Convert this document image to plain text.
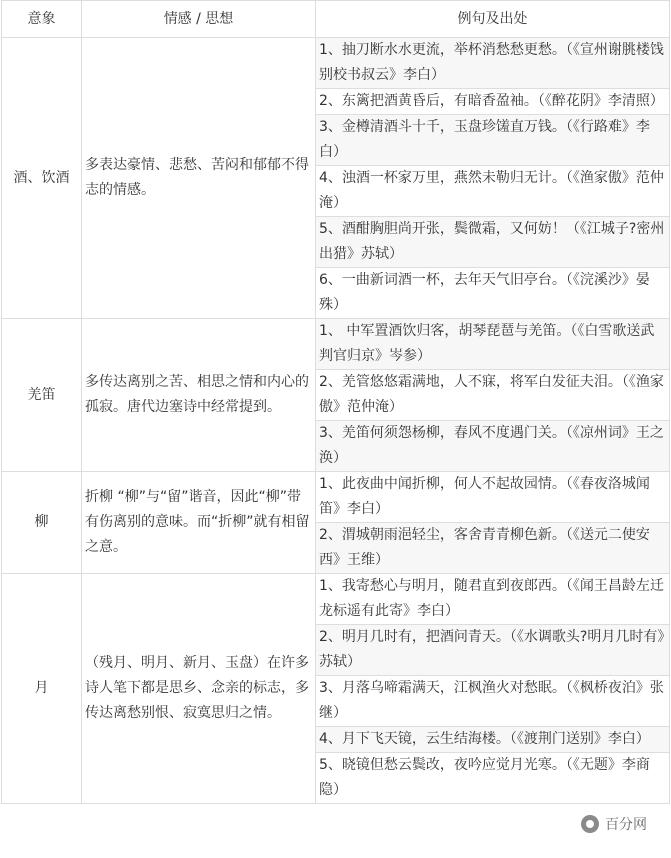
意象	情感 / 思想	例句及出处
酒、饮酒	多表达豪情、悲愁、苦闷和郁郁不得志的情感。	1、抽刀断水水更流，举杯消愁愁更愁。（《宣州谢朓楼饯别校书叔云》李白）
		2、东篱把酒黄昏后，有暗香盈袖。（《醉花阴》李清照）
		3、金樽清酒斗十千，玉盘珍馐直万钱。（《行路难》李白）
		4、浊酒一杯家万里，燕然未勒归无计。（《渔家傲》范仲淹）
		5、酒酣胸胆尚开张，鬓微霜，又何妨！（《江城子?密州出猎》苏轼）
		6、一曲新词酒一杯，去年天气旧亭台。（《浣溪沙》晏殊）
羌笛	多传达离别之苦、相思之情和内心的孤寂。唐代边塞诗中经常提到。	1、 中军置酒饮归客，胡琴琵琶与羌笛。（《白雪歌送武判官归京》岑参）
		2、羌管悠悠霜满地，人不寐，将军白发征夫泪。（《渔家傲》范仲淹）
		3、羌笛何须怨杨柳，春风不度遇门关。（《凉州词》王之涣）
柳	折柳 “柳”与“留”谐音，因此“柳”带有伤离别的意味。而“折柳”就有相留之意。	1、此夜曲中闻折柳，何人不起故园情。（《春夜洛城闻笛》李白）
		2、渭城朝雨浥轻尘，客舍青青柳色新。（《送元二使安西》王维）
月	（残月、明月、新月、玉盘）在许多诗人笔下都是思乡、念亲的标志，多传达离愁别恨、寂寞思归之情。	1、我寄愁心与明月，随君直到夜郎西。（《闻王昌龄左迁龙标遥有此寄》李白）
		2、明月几时有，把酒问青天。（《水调歌头?明月几时有》苏轼）
		3、月落乌啼霜满天，江枫渔火对愁眠。（《枫桥夜泊》张继）
		4、月下飞天镜，云生结海楼。（《渡荆门送别》李白）
		5、晓镜但愁云鬓改，夜吟应觉月光寒。（《无题》李商隐）
百分网
